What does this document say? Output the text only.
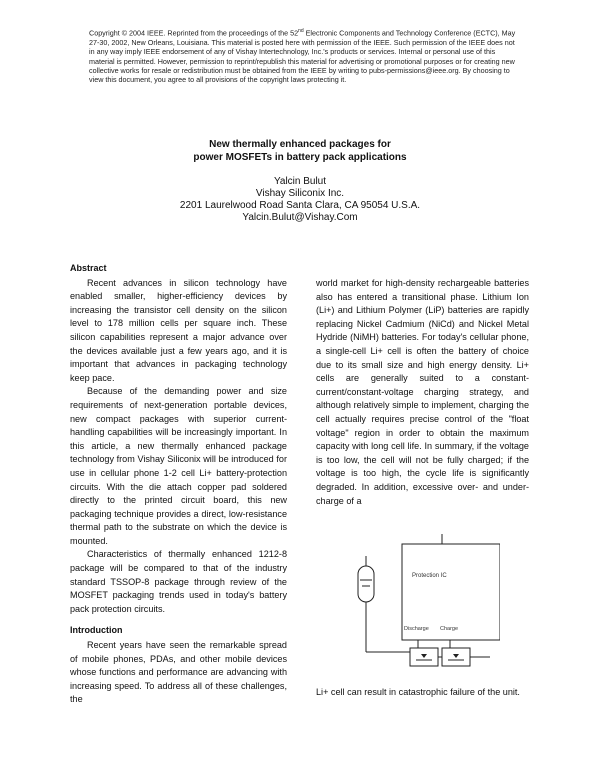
Copyright © 2004 IEEE. Reprinted from the proceedings of the 52nd Electronic Components and Technology Conference (ECTC), May 27-30, 2002, New Orleans, Louisiana. This material is posted here with permission of the IEEE. Such permission of the IEEE does not in any way imply IEEE endorsement of any of Vishay Intertechnology, Inc.'s products or services. Internal or personal use of this material is permitted. However, permission to reprint/republish this material for advertising or promotional purposes or for creating new collective works for resale or redistribution must be obtained from the IEEE by writing to pubs-permissions@ieee.org. By choosing to view this document, you agree to all provisions of the copyright laws protecting it.
New thermally enhanced packages for
power MOSFETs in battery pack applications
Yalcin Bulut
Vishay Siliconix Inc.
2201 Laurelwood Road Santa Clara, CA 95054 U.S.A.
Yalcin.Bulut@Vishay.Com
Abstract

Recent advances in silicon technology have enabled smaller, higher-efficiency devices by increasing the transistor cell density on the silicon level to 178 million cells per square inch. These silicon capabilities represent a major advance over the devices available just a few years ago, and it is important that advances in packaging technology keep pace.

Because of the demanding power and size requirements of next-generation portable devices, new compact packages with superior current-handling capabilities will be increasingly important. In this article, a new thermally enhanced package technology from Vishay Siliconix will be introduced for use in cellular phone 1-2 cell Li+ battery-protection circuits. With the die attach copper pad soldered directly to the printed circuit board, this new packaging technique provides a direct, low-resistance thermal path to the substrate on which the device is mounted.

Characteristics of thermally enhanced 1212-8 package will be compared to that of the industry standard TSSOP-8 package through review of the MOSFET packaging trends used in today's battery pack protection circuits.

Introduction

Recent years have seen the remarkable spread of mobile phones, PDAs, and other mobile devices whose functions and performance are advancing with increasing speed. To address all of these challenges, the

world market for high-density rechargeable batteries also has entered a transitional phase. Lithium Ion (Li+) and Lithium Polymer (LiP) batteries are rapidly replacing Nickel Cadmium (NiCd) and Nickel Metal Hydride (NiMH) batteries. For today's cellular phone, a single-cell Li+ cell is often the battery of choice due to its small size and high energy density. Li+ cells are generally suited to a constant-current/constant-voltage charging strategy, and although relatively simple to implement, charging the cell actually requires precise control of the "float voltage" region in order to obtain the maximum capacity with long cell life. In summary, if the voltage is too low, the cell will not be fully charged; if the voltage is too high, the cycle life is significantly degraded. In addition, excessive over- and under-charge of a

Protection IC
Discharge Charge
Li+ cell can result in catastrophic failure of the unit.
